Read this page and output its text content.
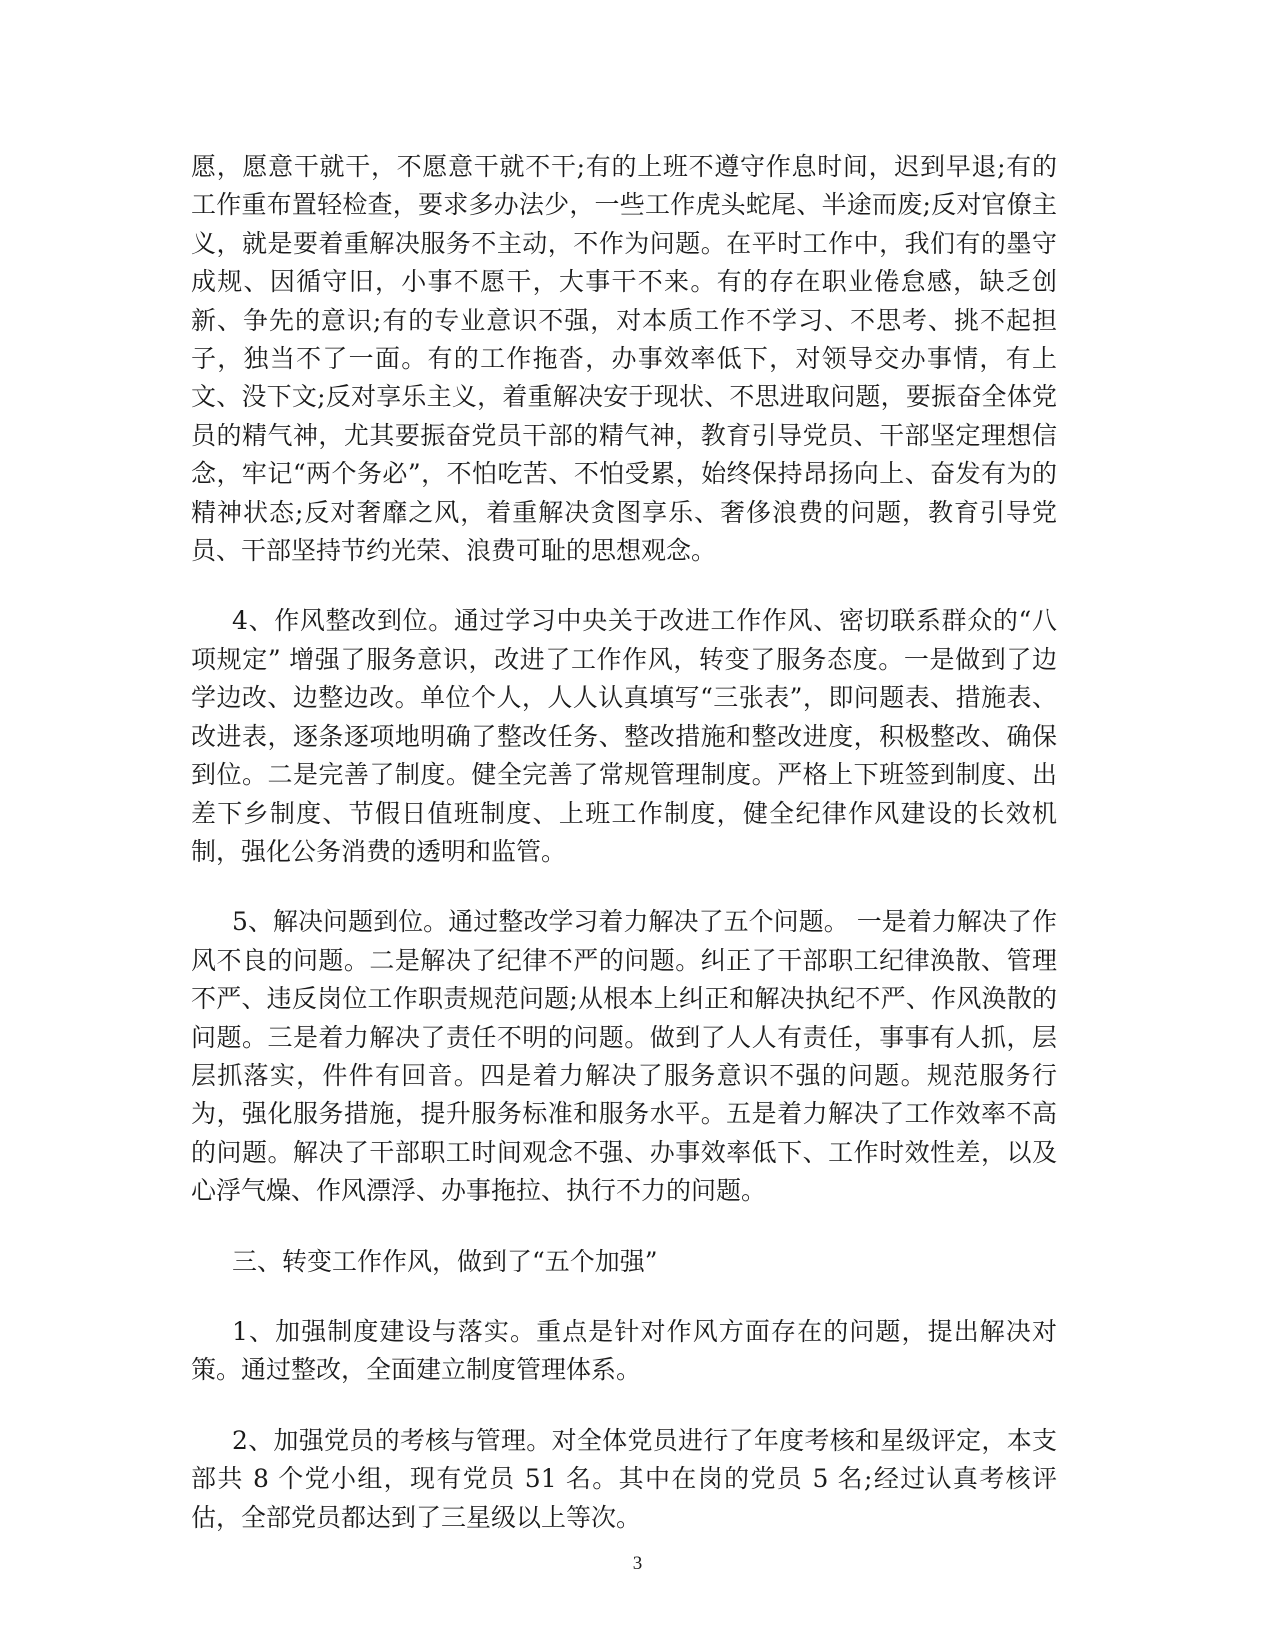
愿，愿意干就干，不愿意干就不干;有的上班不遵守作息时间，迟到早退;有的工作重布置轻检查，要求多办法少，一些工作虎头蛇尾、半途而废;反对官僚主义，就是要着重解决服务不主动，不作为问题。在平时工作中，我们有的墨守成规、因循守旧，小事不愿干，大事干不来。有的存在职业倦怠感，缺乏创新、争先的意识;有的专业意识不强，对本质工作不学习、不思考、挑不起担子，独当不了一面。有的工作拖沓，办事效率低下，对领导交办事情，有上文、没下文;反对享乐主义，着重解决安于现状、不思进取问题，要振奋全体党员的精气神，尤其要振奋党员干部的精气神，教育引导党员、干部坚定理想信念，牢记“两个务必”，不怕吃苦、不怕受累，始终保持昂扬向上、奋发有为的精神状态;反对奢靡之风，着重解决贪图享乐、奢侈浪费的问题，教育引导党员、干部坚持节约光荣、浪费可耻的思想观念。

4、作风整改到位。通过学习中央关于改进工作作风、密切联系群众的“八项规定” 增强了服务意识，改进了工作作风，转变了服务态度。一是做到了边学边改、边整边改。单位个人，人人认真填写“三张表”，即问题表、措施表、改进表，逐条逐项地明确了整改任务、整改措施和整改进度，积极整改、确保到位。二是完善了制度。健全完善了常规管理制度。严格上下班签到制度、出差下乡制度、节假日值班制度、上班工作制度，健全纪律作风建设的长效机制，强化公务消费的透明和监管。

5、解决问题到位。通过整改学习着力解决了五个问题。 一是着力解决了作风不良的问题。二是解决了纪律不严的问题。纠正了干部职工纪律涣散、管理不严、违反岗位工作职责规范问题;从根本上纠正和解决执纪不严、作风涣散的问题。三是着力解决了责任不明的问题。做到了人人有责任，事事有人抓，层层抓落实，件件有回音。四是着力解决了服务意识不强的问题。规范服务行为，强化服务措施，提升服务标准和服务水平。五是着力解决了工作效率不高的问题。解决了干部职工时间观念不强、办事效率低下、工作时效性差，以及心浮气燥、作风漂浮、办事拖拉、执行不力的问题。

三、转变工作作风，做到了“五个加强”

1、加强制度建设与落实。重点是针对作风方面存在的问题，提出解决对策。通过整改，全面建立制度管理体系。

2、加强党员的考核与管理。对全体党员进行了年度考核和星级评定，本支部共 8 个党小组，现有党员 51 名。其中在岗的党员 5 名;经过认真考核评估，全部党员都达到了三星级以上等次。

3
